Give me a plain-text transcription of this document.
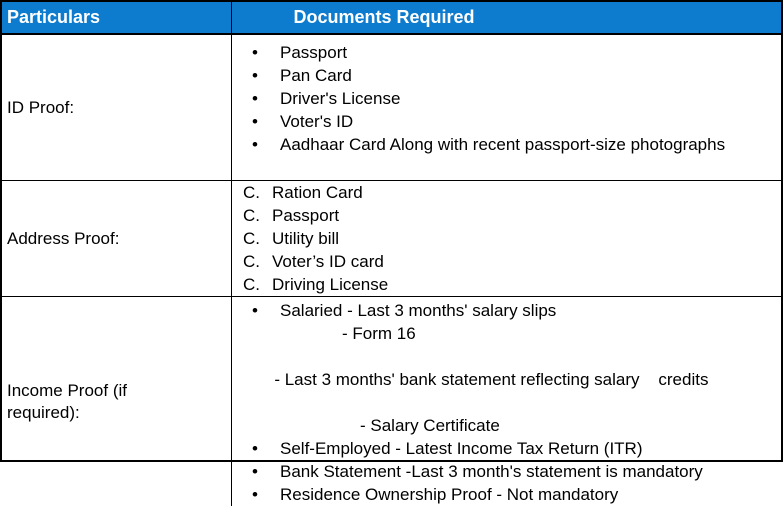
Particulars	Documents Required
ID Proof:
• Passport
• Pan Card
• Driver's License
• Voter's ID
• Aadhaar Card Along with recent passport-size photographs
Address Proof:
C. Ration Card
C. Passport
C. Utility bill
C. Voter’s ID card
C. Driving License
Income Proof (if required):
• Salaried - Last 3 months' salary slips
- Form 16

- Last 3 months' bank statement reflecting salary    credits

- Salary Certificate
• Self-Employed - Latest Income Tax Return (ITR)
• Bank Statement -Last 3 month's statement is mandatory
• Residence Ownership Proof - Not mandatory
